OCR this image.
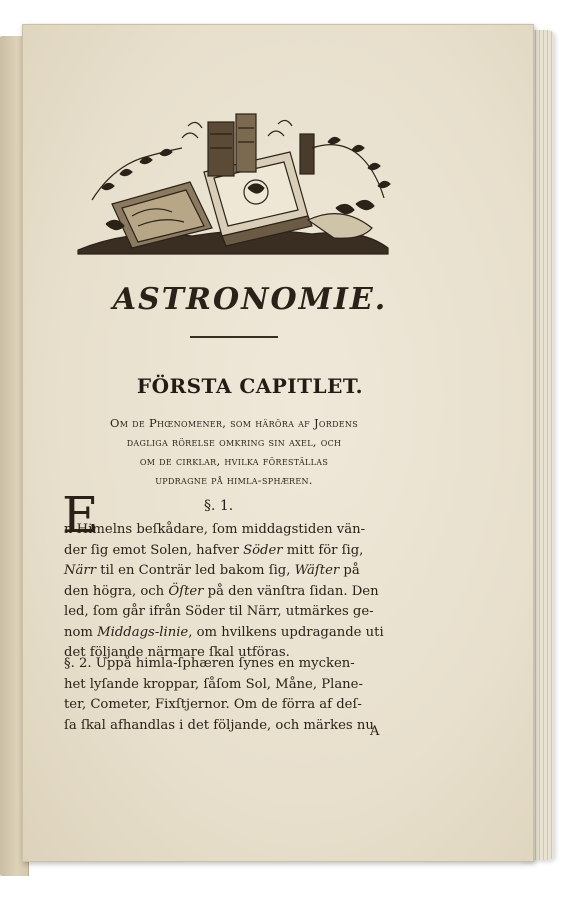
ASTRONOMIE.
FÖRSTA CAPITLET.
Om de Phœnomener, som häröra af Jordens
dagliga rörelse omkring sin axel, och
om de cirklar, hvilka föreställas
updragne på himla-sphæren.
E	§. 1.
n Himelns beſkådare, ſom middagstiden vän-
der ſig emot Solen, hafver Söder mitt för ſig,
Närr til en Conträr led bakom ſig, Wäſter på
den högra, och Öſter på den vänſtra ſidan. Den
led, ſom går ifrån Söder til Närr, utmärkes ge-
nom Middags-linie, om hvilkens updragande uti
det följande närmare ſkal utföras.
§. 2. Uppå himla-ſphæren ſynes en mycken-
het lyſande kroppar, ſåſom Sol, Måne, Plane-
ter, Cometer, Fixſtjernor. Om de förra af deſ-
ſa ſkal afhandlas i det följande, och märkes nu
A
